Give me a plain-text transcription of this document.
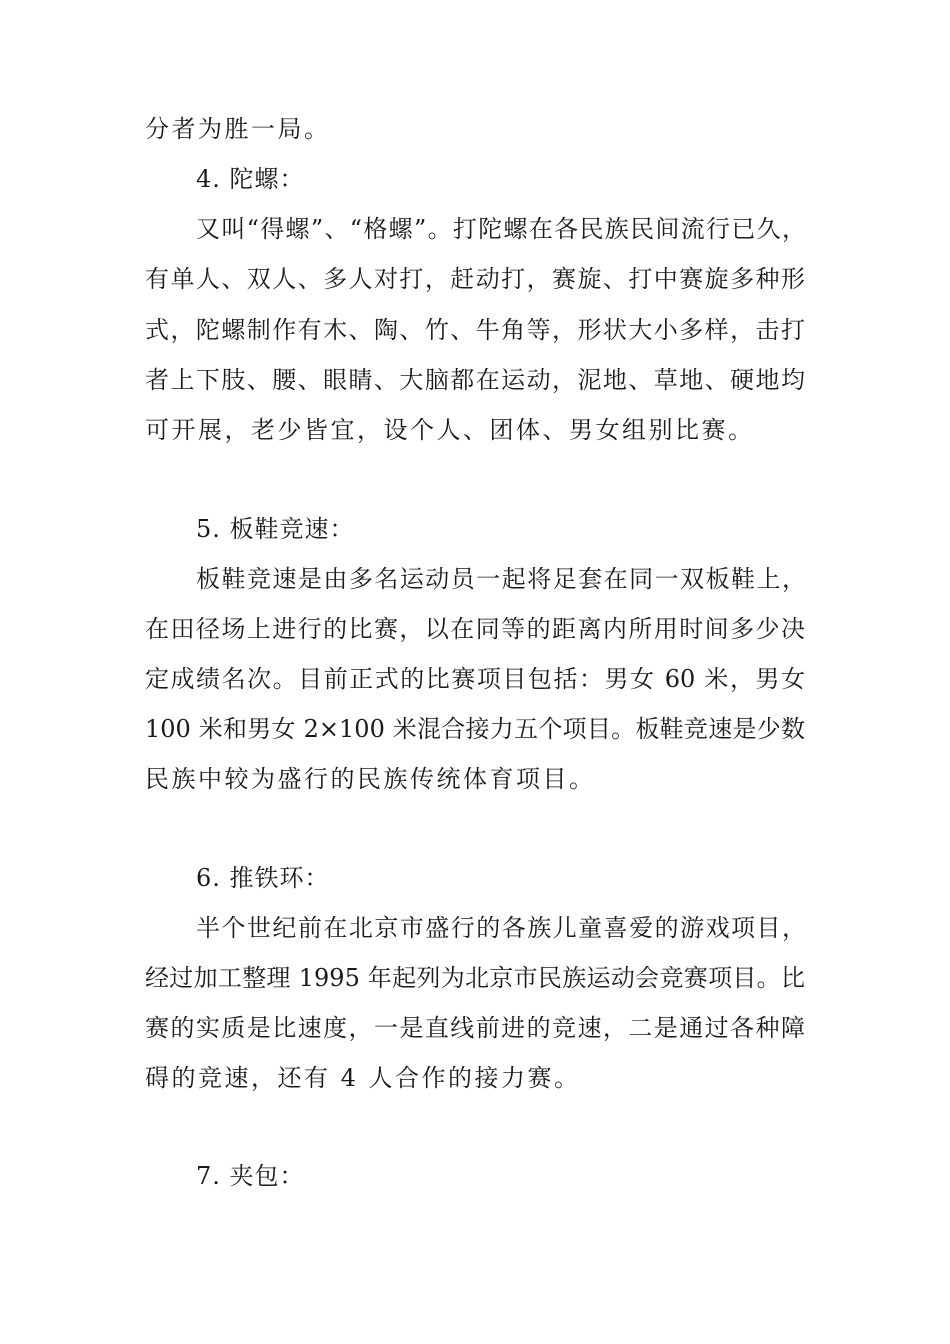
分者为胜一局。
4. 陀螺：
又叫“得螺”、“格螺”。打陀螺在各民族民间流行已久，
有单人、双人、多人对打，赶动打，赛旋、打中赛旋多种形
式，陀螺制作有木、陶、竹、牛角等，形状大小多样，击打
者上下肢、腰、眼睛、大脑都在运动，泥地、草地、硬地均
可开展，老少皆宜，设个人、团体、男女组别比赛。
5. 板鞋竞速：
板鞋竞速是由多名运动员一起将足套在同一双板鞋上，
在田径场上进行的比赛，以在同等的距离内所用时间多少决
定成绩名次。目前正式的比赛项目包括：男女 60 米，男女
100 米和男女 2×100 米混合接力五个项目。板鞋竞速是少数
民族中较为盛行的民族传统体育项目。
6. 推铁环：
半个世纪前在北京市盛行的各族儿童喜爱的游戏项目，
经过加工整理 1995 年起列为北京市民族运动会竞赛项目。比
赛的实质是比速度，一是直线前进的竞速，二是通过各种障
碍的竞速，还有 4 人合作的接力赛。
7. 夹包：
